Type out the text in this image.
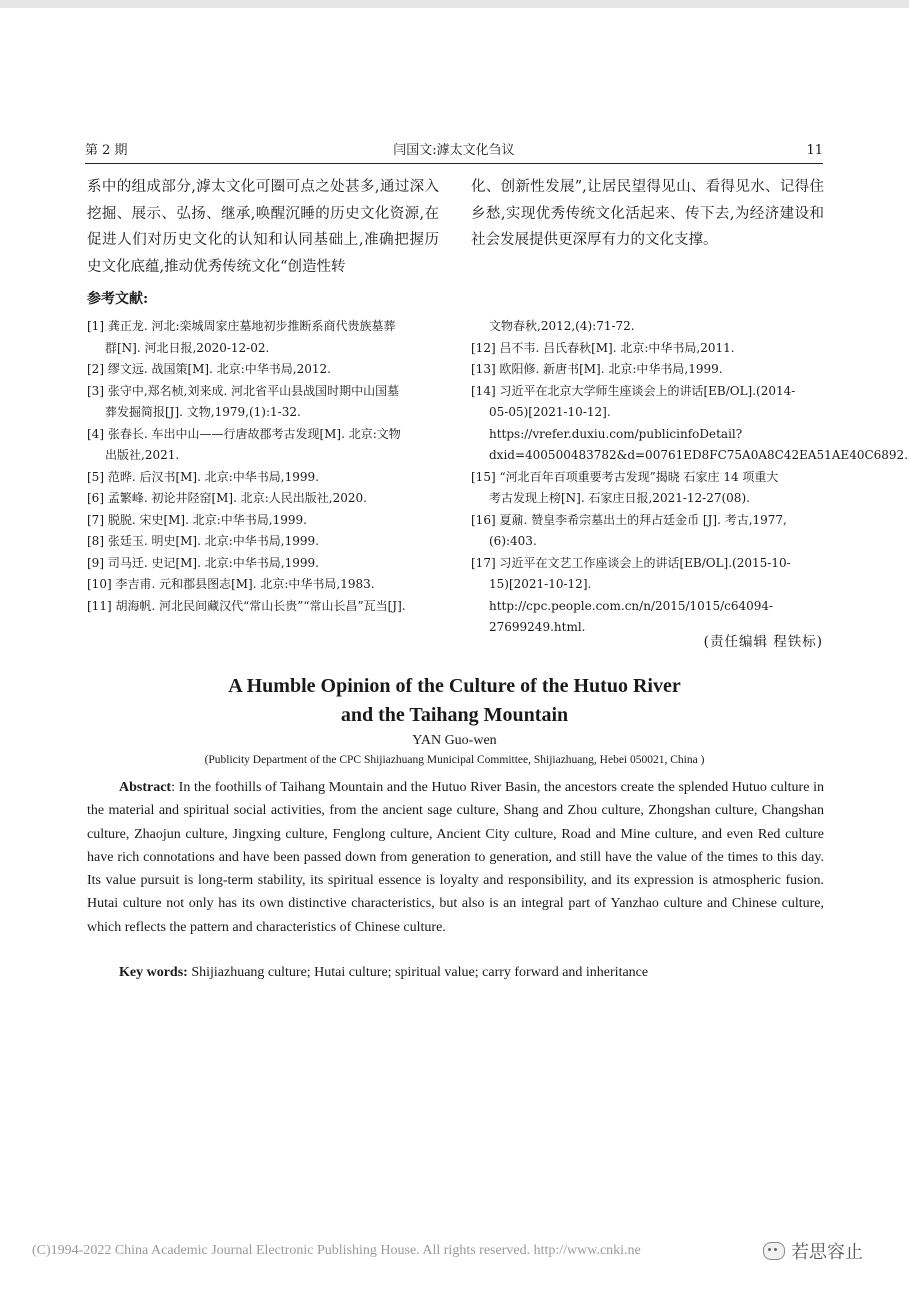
第 2 期	闫国文:滹太文化刍议	11

系中的组成部分,滹太文化可圈可点之处甚多,通过深入挖掘、展示、弘扬、继承,唤醒沉睡的历史文化资源,在促进人们对历史文化的认知和认同基础上,准确把握历史文化底蕴,推动优秀传统文化“创造性转

化、创新性发展”,让居民望得见山、看得见水、记得住乡愁,实现优秀传统文化活起来、传下去,为经济建设和社会发展提供更深厚有力的文化支撑。

参考文献:
[1] 龚正龙. 河北:栾城周家庄墓地初步推断系商代贵族墓葬
群[N]. 河北日报,2020-12-02.
[2] 缪文远. 战国策[M]. 北京:中华书局,2012.
[3] 张守中,郑名桢,刘来成. 河北省平山县战国时期中山国墓
葬发掘简报[J]. 文物,1979,(1):1-32.
[4] 张春长. 车出中山——行唐故郡考古发现[M]. 北京:文物
出版社,2021.
[5] 范晔. 后汉书[M]. 北京:中华书局,1999.
[6] 孟繁峰. 初论井陉窑[M]. 北京:人民出版社,2020.
[7] 脱脱. 宋史[M]. 北京:中华书局,1999.
[8] 张廷玉. 明史[M]. 北京:中华书局,1999.
[9] 司马迁. 史记[M]. 北京:中华书局,1999.
[10] 李吉甫. 元和郡县图志[M]. 北京:中华书局,1983.
[11] 胡海帆. 河北民间藏汉代“常山长贵”“常山长昌”瓦当[J].
文物春秋,2012,(4):71-72.
[12] 吕不韦. 吕氏春秋[M]. 北京:中华书局,2011.
[13] 欧阳修. 新唐书[M]. 北京:中华书局,1999.
[14] 习近平在北京大学师生座谈会上的讲话[EB/OL].(2014-
05-05)[2021-10-12]. https://vrefer.duxiu.com/publicinfoDetail?dxid=400500483782&d=00761ED8FC75A0A8C42EA51AE40C6892.
[15] “河北百年百项重要考古发现”揭晓 石家庄 14 项重大
考古发现上榜[N]. 石家庄日报,2021-12-27(08).
[16] 夏鼐. 赞皇李希宗墓出土的拜占廷金币 [J]. 考古,1977,
(6):403.
[17] 习近平在文艺工作座谈会上的讲话[EB/OL].(2015-10-
15)[2021-10-12]. http://cpc.people.com.cn/n/2015/1015/c64094-27699249.html.
(责任编辑 程铁标)
A Humble Opinion of the Culture of the Hutuo River
and the Taihang Mountain
YAN Guo-wen
(Publicity Department of the CPC Shijiazhuang Municipal Committee, Shijiazhuang, Hebei 050021, China )

Abstract: In the foothills of Taihang Mountain and the Hutuo River Basin, the ancestors create the splended Hutuo culture in the material and spiritual social activities, from the ancient sage culture, Shang and Zhou culture, Zhongshan culture, Changshan culture, Zhaojun culture, Jingxing culture, Fenglong culture, Ancient City culture, Road and Mine culture, and even Red culture have rich connotations and have been passed down from generation to generation, and still have the value of the times to this day. Its value pursuit is long-term stability, its spiritual essence is loyalty and responsibility, and its expression is atmospheric fusion. Hutai culture not only has its own distinctive characteristics, but also is an integral part of Yanzhao culture and Chinese culture, which reflects the pattern and characteristics of Chinese culture.

Key words: Shijiazhuang culture; Hutai culture; spiritual value; carry forward and inheritance
(C)1994-2022 China Academic Journal Electronic Publishing House. All rights reserved. http://www.cnki.ne	若思容止
